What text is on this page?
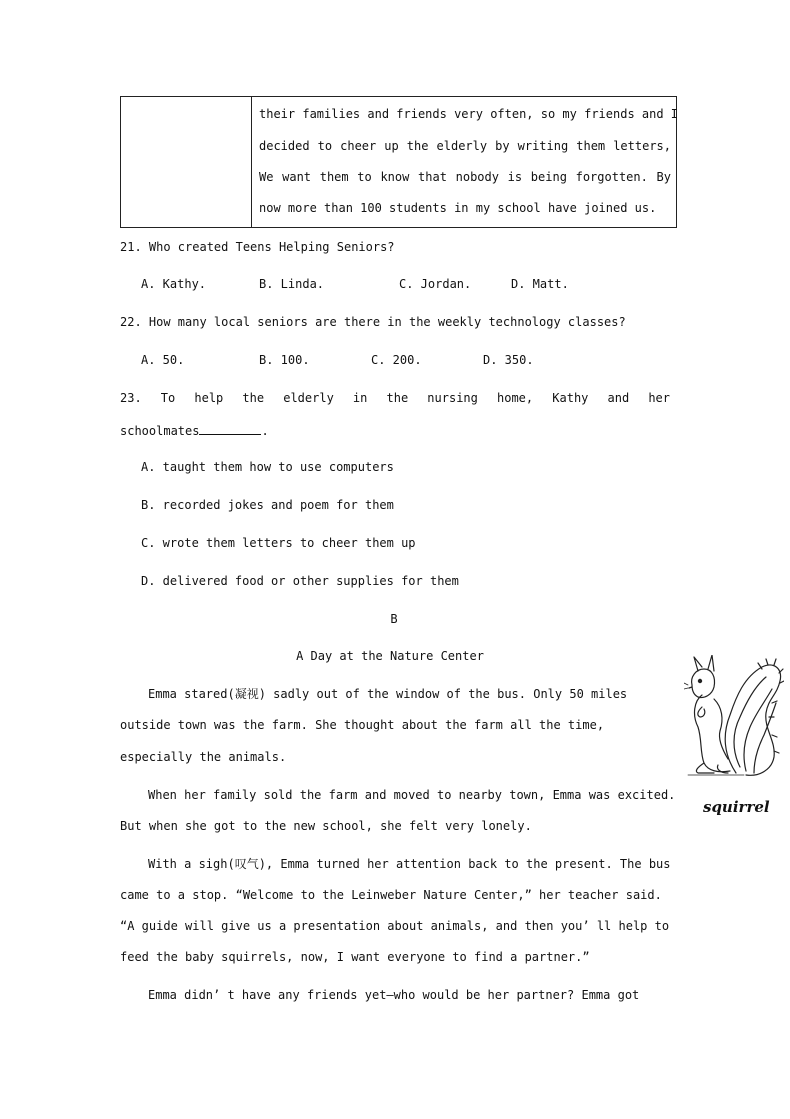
their families and friends very often, so my friends and I
decided to cheer up the elderly by writing them letters,
We want them to know that nobody is being forgotten. By
now more than 100 students in my school have joined us.
21. Who created Teens Helping Seniors?
A. Kathy.	B. Linda.	C. Jordan.	D. Matt.
22. How many local seniors are there in the weekly technology classes?
A. 50.	B. 100.	C. 200.	D. 350.
23. To help the elderly in the nursing home, Kathy and her
schoolmates	.
A. taught them how to use computers
B. recorded jokes and poem for them
C. wrote them letters to cheer them up
D. delivered food or other supplies for them
B
A Day at the Nature Center
Emma stared(凝视) sadly out of the window of the bus. Only 50 miles
outside town was the farm. She thought about the farm all the time,
especially the animals.
When her family sold the farm and moved to nearby town, Emma was excited.
But when she got to the new school, she felt very lonely.
With a sigh(叹气), Emma turned her attention back to the present. The bus
came to a stop. “Welcome to the Leinweber Nature Center,” her teacher said.
“A guide will give us a presentation about animals, and then you’ ll help to
feed the baby squirrels, now, I want everyone to find a partner.”
Emma didn’ t have any friends yet—who would be her partner? Emma got
squirrel
